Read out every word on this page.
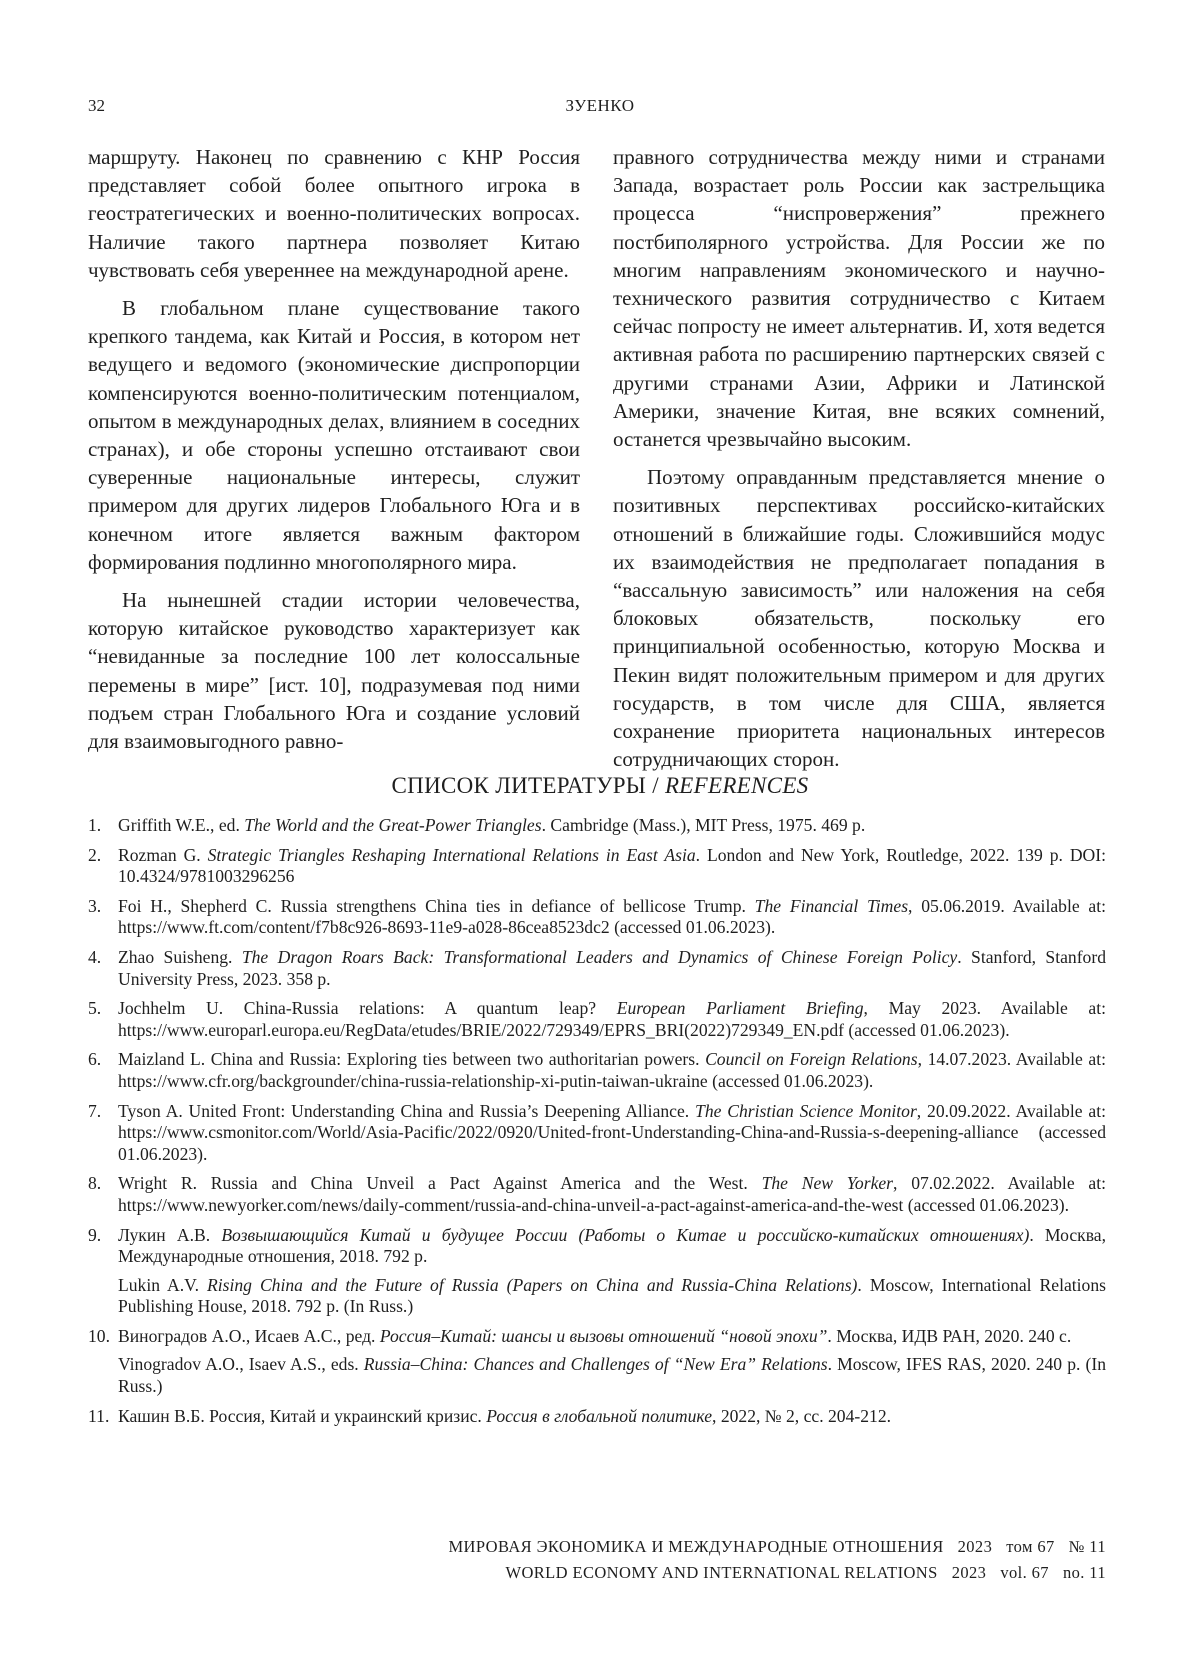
32	ЗУЕНКО

маршруту. Наконец по сравнению с КНР Россия представляет собой более опытного игрока в геостратегических и военно-политических вопросах. Наличие такого партнера позволяет Китаю чувствовать себя увереннее на международной арене.

В глобальном плане существование такого крепкого тандема, как Китай и Россия, в котором нет ведущего и ведомого (экономические диспропорции компенсируются военно-политическим потенциалом, опытом в международных делах, влиянием в соседних странах), и обе стороны успешно отстаивают свои суверенные национальные интересы, служит примером для других лидеров Глобального Юга и в конечном итоге является важным фактором формирования подлинно многополярного мира.

На нынешней стадии истории человечества, которую китайское руководство характеризует как “невиданные за последние 100 лет колоссальные перемены в мире” [ист. 10], подразумевая под ними подъем стран Глобального Юга и создание условий для взаимовыгодного равно-

правного сотрудничества между ними и странами Запада, возрастает роль России как застрельщика процесса “ниспровержения” прежнего постбиполярного устройства. Для России же по многим направлениям экономического и научно-технического развития сотрудничество с Китаем сейчас попросту не имеет альтернатив. И, хотя ведется активная работа по расширению партнерских связей с другими странами Азии, Африки и Латинской Америки, значение Китая, вне всяких сомнений, останется чрезвычайно высоким.

Поэтому оправданным представляется мнение о позитивных перспективах российско-китайских отношений в ближайшие годы. Сложившийся модус их взаимодействия не предполагает попадания в “вассальную зависимость” или наложения на себя блоковых обязательств, поскольку его принципиальной особенностью, которую Москва и Пекин видят положительным примером и для других государств, в том числе для США, является сохранение приоритета национальных интересов сотрудничающих сторон.

СПИСОК ЛИТЕРАТУРЫ / REFERENCES
1. Griffith W.E., ed. The World and the Great-Power Triangles. Cambridge (Mass.), MIT Press, 1975. 469 p.
2. Rozman G. Strategic Triangles Reshaping International Relations in East Asia. London and New York, Routledge, 2022. 139 p. DOI: 10.4324/9781003296256
3. Foi H., Shepherd C. Russia strengthens China ties in defiance of bellicose Trump. The Financial Times, 05.06.2019. Available at: https://www.ft.com/content/f7b8c926-8693-11e9-a028-86cea8523dc2 (accessed 01.06.2023).
4. Zhao Suisheng. The Dragon Roars Back: Transformational Leaders and Dynamics of Chinese Foreign Policy. Stanford, Stanford University Press, 2023. 358 p.
5. Jochhelm U. China-Russia relations: A quantum leap? European Parliament Briefing, May 2023. Available at: https://www.europarl.europa.eu/RegData/etudes/BRIE/2022/729349/EPRS_BRI(2022)729349_EN.pdf (accessed 01.06.2023).
6. Maizland L. China and Russia: Exploring ties between two authoritarian powers. Council on Foreign Relations, 14.07.2023. Available at: https://www.cfr.org/backgrounder/china-russia-relationship-xi-putin-taiwan-ukraine (accessed 01.06.2023).
7. Tyson A. United Front: Understanding China and Russia’s Deepening Alliance. The Christian Science Monitor, 20.09.2022. Available at: https://www.csmonitor.com/World/Asia-Pacific/2022/0920/United-front-Understanding-China-and-Russia-s-deepening-alliance (accessed 01.06.2023).
8. Wright R. Russia and China Unveil a Pact Against America and the West. The New Yorker, 07.02.2022. Available at: https://www.newyorker.com/news/daily-comment/russia-and-china-unveil-a-pact-against-america-and-the-west (accessed 01.06.2023).
9. Лукин А.В. Возвышающийся Китай и будущее России (Работы о Китае и российско-китайских отношениях). Москва, Международные отношения, 2018. 792 р.
Lukin A.V. Rising China and the Future of Russia (Papers on China and Russia-China Relations). Moscow, International Relations Publishing House, 2018. 792 p. (In Russ.)
10. Виноградов А.О., Исаев А.С., ред. Россия–Китай: шансы и вызовы отношений “новой эпохи”. Москва, ИДВ РАН, 2020. 240 с.
Vinogradov A.O., Isaev A.S., eds. Russia–China: Chances and Challenges of “New Era” Relations. Moscow, IFES RAS, 2020. 240 p. (In Russ.)
11. Кашин В.Б. Россия, Китай и украинский кризис. Россия в глобальной политике, 2022, № 2, сс. 204-212.
МИРОВАЯ ЭКОНОМИКА И МЕЖДУНАРОДНЫЕ ОТНОШЕНИЯ 2023 том 67 № 11
WORLD ECONOMY AND INTERNATIONAL RELATIONS 2023 vol. 67 no. 11
